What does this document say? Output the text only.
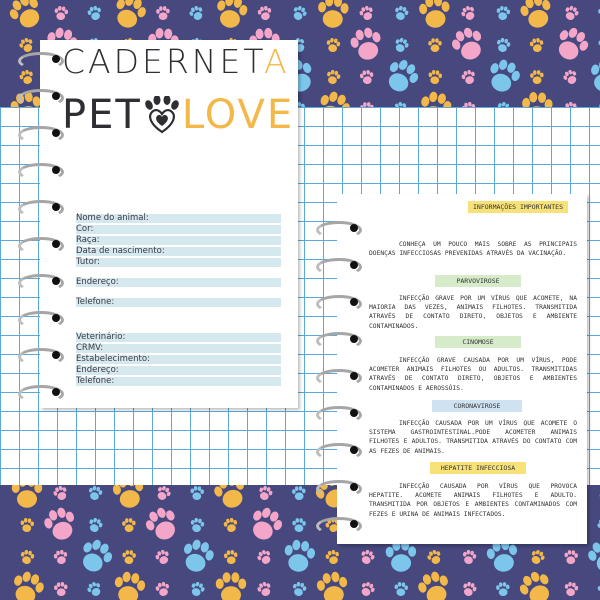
CADERNETA
PET LOVE
Nome do animal:
Cor:
Raça:
Data de nascimento:
Tutor:
Endereço:
Telefone:
Veterinário:
CRMV:
Estabelecimento:
Endereço:
Telefone:
INFORMAÇÕES IMPORTANTES
CONHEÇA UM POUCO MAIS SOBRE AS PRINCIPAIS DOENÇAS INFECCIOSAS PREVENIDAS ATRAVÉS DA VACINAÇÃO.
PARVOVIROSE
INFECÇÃO GRAVE POR UM VÍRUS QUE ACOMETE, NA MAIORIA DAS VEZES, ANIMAIS FILHOTES. TRANSMITIDA ATRAVÉS DE CONTATO DIRETO, OBJETOS E AMBIENTE CONTAMINADOS.
CINOMOSE
INFECÇÃO GRAVE CAUSADA POR UM VÍRUS, PODE ACOMETER ANIMAIS FILHOTES OU ADULTOS. TRANSMITIDAS ATRAVÉS DE CONTATO DIRETO, OBJETOS E AMBIENTES CONTAMINADOS E AEROSSÓIS.
CORONAVIROSE
INFECÇÃO CAUSADA POR UM VÍRUS QUE ACOMETE O SISTEMA GASTROINTESTINAL.PODE ACOMETER ANIMAIS FILHOTES E ADULTOS. TRANSMITIDA ATRAVÉS DO CONTATO COM AS FEZES DE ANIMAIS.
HEPATITE INFECCIOSA
INFECÇÃO CAUSADA POR VÍRUS QUE PROVOCA HEPATITE. ACOMETE ANIMAIS FILHOTES E ADULTO. TRANSMITIDA POR OBJETOS E AMBIENTES CONTAMINADOS COM FEZES E URINA DE ANIMAIS INFECTADOS.
